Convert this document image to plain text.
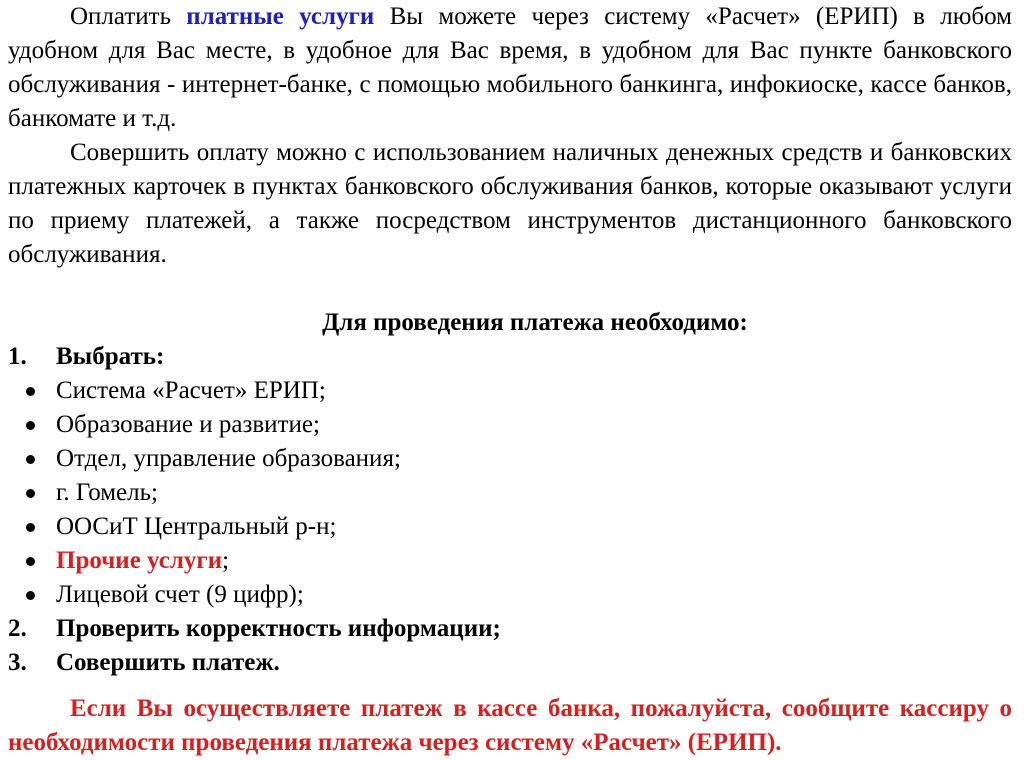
Оплатить платные услуги Вы можете через систему «Расчет» (ЕРИП) в любом удобном для Вас месте, в удобное для Вас время, в удобном для Вас пункте банковского обслуживания - интернет-банке, с помощью мобильного банкинга, инфокиоске, кассе банков, банкомате и т.д.

Совершить оплату можно с использованием наличных денежных средств и банковских платежных карточек в пунктах банковского обслуживания банков, которые оказывают услуги по приему платежей, а также посредством инструментов дистанционного банковского обслуживания.

Для проведения платежа необходимо:

1. Выбрать:
Система «Расчет» ЕРИП;
Образование и развитие;
Отдел, управление образования;
г. Гомель;
ООСиТ Центральный р-н;
Прочие услуги;
Лицевой счет (9 цифр);
2. Проверить корректность информации;
3. Совершить платеж.

Если Вы осуществляете платеж в кассе банка, пожалуйста, сообщите кассиру о необходимости проведения платежа через систему «Расчет» (ЕРИП).
